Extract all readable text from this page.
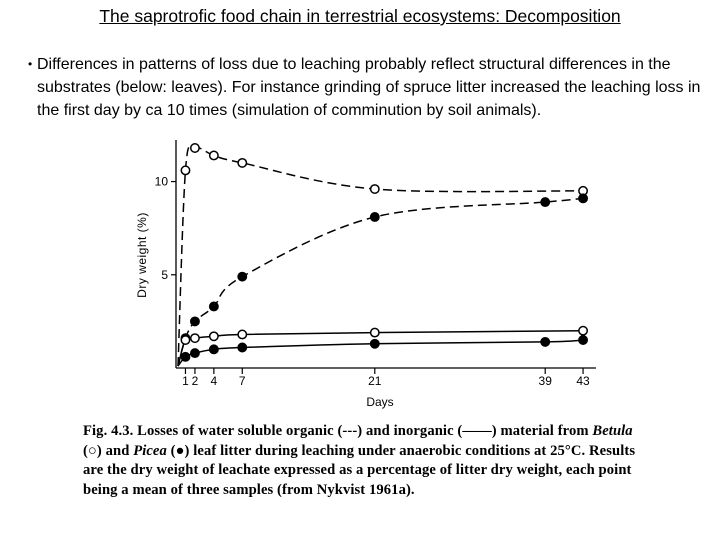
The saprotrofic food chain in terrestrial ecosystems: Decomposition
• Differences in patterns of loss due to leaching probably reflect structural differences in the substrates (below: leaves). For instance grinding of spruce litter increased the leaching loss in the first day by ca 10 times (simulation of comminution by soil animals).
5
10
1 2 4 7	21	39 43
Dry weight (%)
Days
Fig. 4.3. Losses of water soluble organic (---) and inorganic (——) material from Betula (○) and Picea (●) leaf litter during leaching under anaerobic conditions at 25°C. Results are the dry weight of leachate expressed as a percentage of litter dry weight, each point being a mean of three samples (from Nykvist 1961a).
